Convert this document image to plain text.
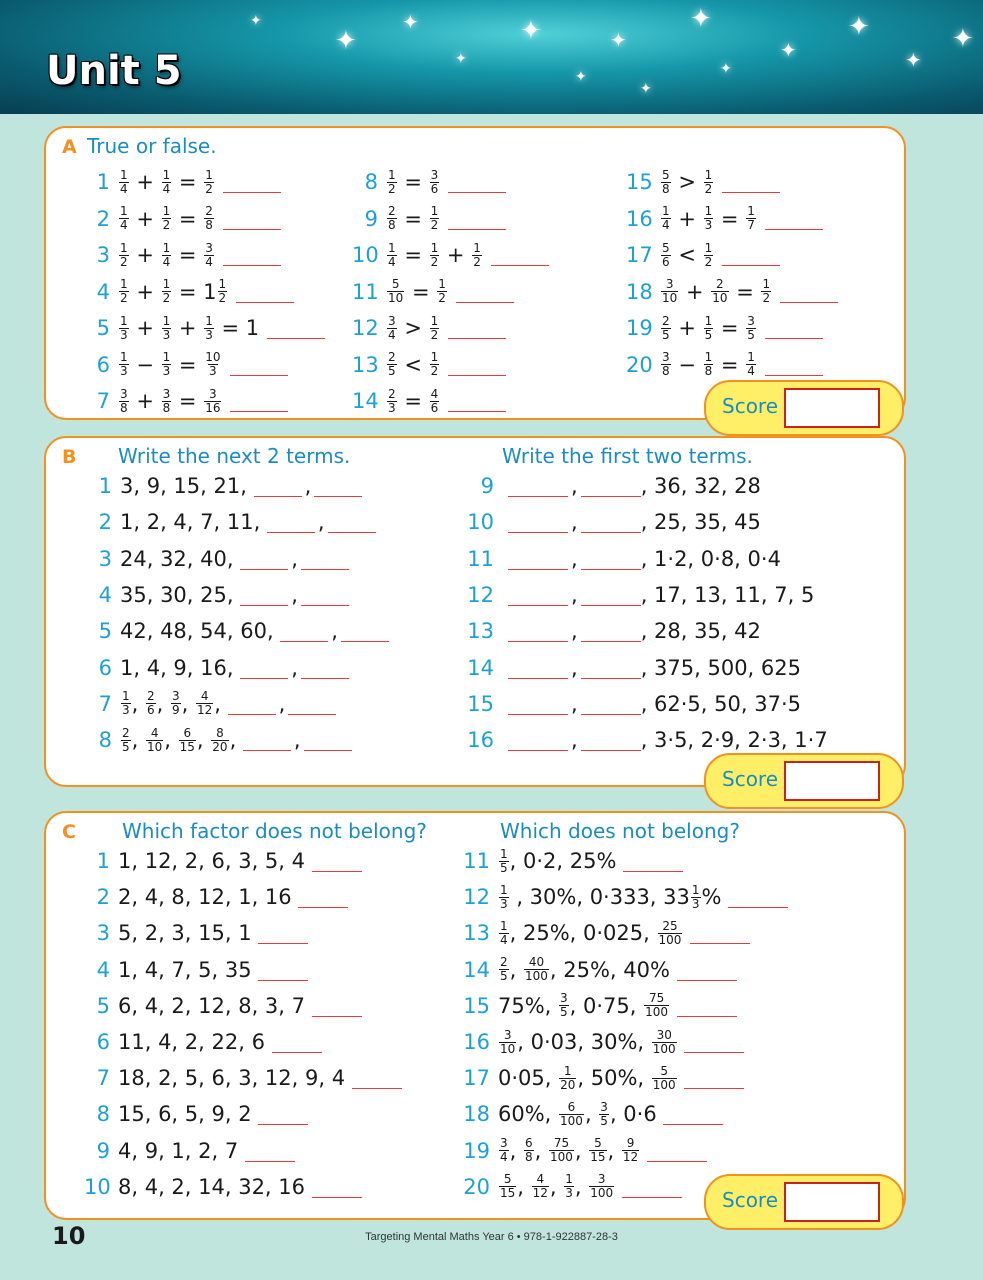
✦
✦
✦
✦
✦
✦
✦
✦
✦
✦
✦
✦
✦
✦
Unit 5
A True or false.
$1 \frac{1}{4} + \frac{1}{4} = \frac{1}{2}$
$2 \frac{1}{4} + \frac{1}{2} = \frac{2}{8}$
$3 \frac{1}{2} + \frac{1}{4} = \frac{3}{4}$
$4 \frac{1}{2} + \frac{1}{2} = 1 \frac{1}{2}$
$5 \frac{1}{3} + \frac{1}{3} + \frac{1}{3} = 1$
$6 \frac{1}{3} - \frac{1}{3} = \frac{10}{3}$
$7 \frac{3}{8} + \frac{3}{8} = \frac{3}{16}$
$8 \frac{1}{2} = \frac{3}{6}$
$9 \frac{2}{8} = \frac{1}{2}$
$10 \frac{1}{4} = \frac{1}{2} + \frac{1}{2}$
$11 \frac{5}{10} = \frac{1}{2}$
$12 \frac{3}{4} > \frac{1}{2}$
$13 \frac{2}{5} < \frac{1}{2}$
$14 \frac{2}{3} = \frac{4}{6}$
$15 \frac{5}{8} > \frac{1}{2}$
$16 \frac{1}{4} + \frac{1}{3} = \frac{1}{7}$
$17 \frac{5}{6} < \frac{1}{2}$
$18 \frac{3}{10} + \frac{2}{10} = \frac{1}{2}$
$19 \frac{2}{5} + \frac{1}{5} = \frac{3}{5}$
$20 \frac{3}{8} - \frac{1}{8} = \frac{1}{4}$
Score
B Write the next 2 terms.	Write the first two terms.
1 3, 9, 15, 21, ,
2 1, 2, 4, 7, 11, ,
3 24, 32, 40, ,
4 35, 30, 25, ,
5 42, 48, 54, 60, ,
6 1, 4, 9, 16, ,
$7 \frac{1}{3}$ , $\frac{2}{6}$ , $\frac{3}{9}$ , $\frac{4}{12}$ , ,
$8 \frac{2}{5}$ , $\frac{4}{10}$ , $\frac{6}{15}$ , $\frac{8}{20}$ , ,
9	,	, 36, 32, 28
10	,	, 25, 35, 45
11	,	, 1·2, 0·8, 0·4
12	,	, 17, 13, 11, 7, 5
13	,	, 28, 35, 42
14	,	, 375, 500, 625
15	,	, 62·5, 50, 37·5
16	,	, 3·5, 2·9, 2·3, 1·7
Score
C Which factor does not belong?	Which does not belong?
1 1, 12, 2, 6, 3, 5, 4
2 2, 4, 8, 12, 1, 16
3 5, 2, 3, 15, 1
4 1, 4, 7, 5, 35
5 6, 4, 2, 12, 8, 3, 7
6 11, 4, 2, 22, 6
7 18, 2, 5, 6, 3, 12, 9, 4
8 15, 6, 5, 9, 2
9 4, 9, 1, 2, 7
10 8, 4, 2, 14, 32, 16
$11 \frac{1}{5}$ , 0·2, 25%
$12 \frac{1}{3}$ , 30%, 0·333, $33 \frac{1}{3}$ %
$13 \frac{1}{4}$ , 25%, 0·025, $\frac{25}{100}$

$14 \frac{2}{5}$ , $\frac{40}{100}$ , 25%, 40%
15 75%, $\frac{3}{5}$ , 0·75, $\frac{75}{100}$

$16 \frac{3}{10}$ , 0·03, 30%, $\frac{30}{100}$

17 0·05, $\frac{1}{20}$ , 50%, $\frac{5}{100}$

18 60%, $\frac{6}{100}$ , $\frac{3}{5}$ , 0·6
$19 \frac{3}{4}$ , $\frac{6}{8}$ , $\frac{75}{100}$ , $\frac{5}{15}$ , $\frac{9}{12}$

$20 \frac{5}{15}$ , $\frac{4}{12}$ , $\frac{1}{3}$ , $\frac{3}{100}$
	Score
10	Targeting Mental Maths Year 6 • 978-1-922887-28-3
